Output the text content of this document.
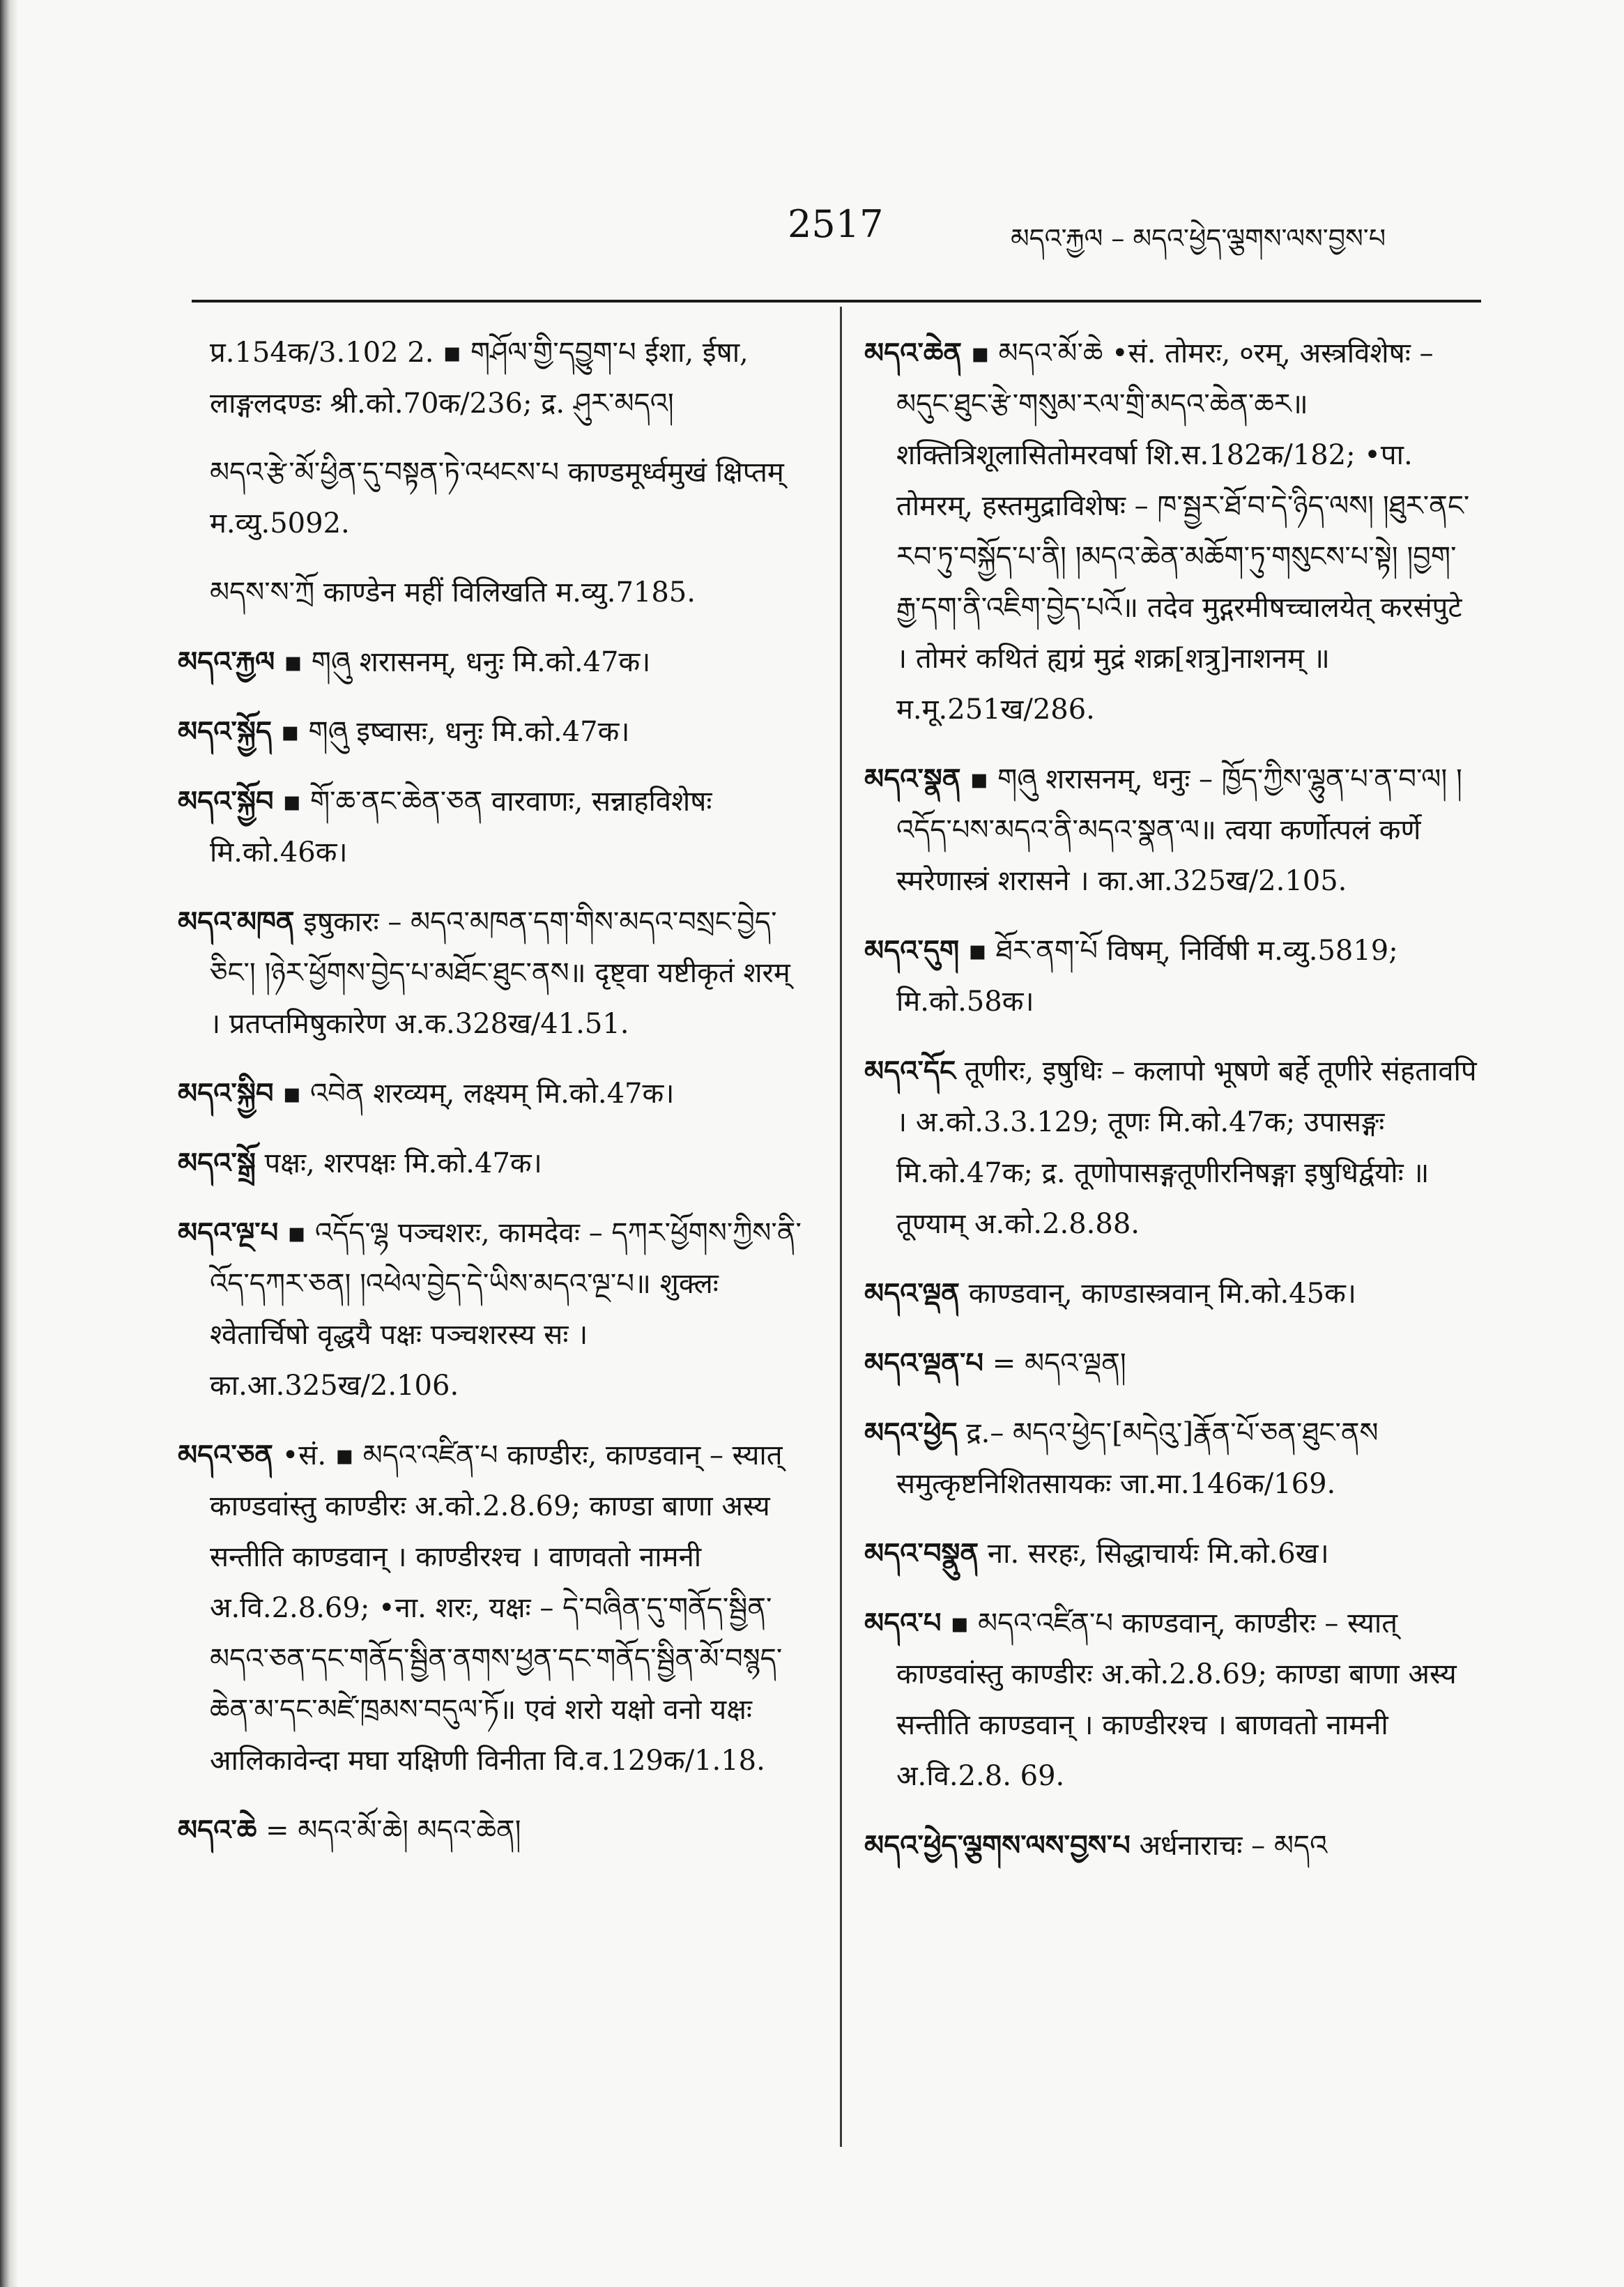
2517	མདའ་རྐྱལ – མདའ་ཕྱེད་ལྕགས་ལས་བྱས་པ

प्र.154क/3.102 2. ▪ གཤོལ་གྱི་དབྱུག་པ ईशा, ईषा, लाङ्गलदण्डः श्री.को.70क/236; द्र. ཤུར་མདའ།

མདའ་རྩེ་མོ་ཕྱིན་དུ་བསྟན་ཏེ་འཕངས་པ काण्डमूर्ध्वमुखं क्षिप्तम् म.व्यु.5092.

མདས་ས་ཀྲོ काण्डेन महीं विलिखति म.व्यु.7185.

མདའ་རྐྱལ ▪ གཞུ शरासनम्, धनुः मि.को.47क।

མདའ་སྐྱོད ▪ གཞུ इष्वासः, धनुः मि.को.47क।

མདའ་སྐྱོབ ▪ གོ་ཆ་ནང་ཆེན་ཅན वारवाणः, सन्नाहविशेषः मि.को.46क।

མདའ་མཁན इषुकारः – མདའ་མཁན་དག་གིས་མདའ་བསྲང་བྱེད་ཅིང་། །ཉེར་ཕྱོགས་བྱེད་པ་མཐོང་ཐུང་ནས॥ दृष्ट्वा यष्टीकृतं शरम् । प्रतप्तमिषुकारेण अ.क.328ख/41.51.

མདའ་སྐྱིབ ▪ འབེན शरव्यम्, लक्ष्यम् मि.को.47क।

མདའ་སྒྲོ पक्षः, शरपक्षः मि.को.47क।

མདའ་ལྔ་པ ▪ འདོད་ལྷ पञ्चशरः, कामदेवः – དཀར་ཕྱོགས་ཀྱིས་ནི་འོད་དཀར་ཅན། །འཕེལ་བྱེད་དེ་ཡིས་མདའ་ལྔ་པ॥ शुक्लः श्वेतार्चिषो वृद्धयै पक्षः पञ्चशरस्य सः । का.आ.325ख/2.106.

མདའ་ཅན •सं. ▪ མདའ་འཛིན་པ काण्डीरः, काण्डवान् – स्यात् काण्डवांस्तु काण्डीरः अ.को.2.8.69; काण्डा बाणा अस्य सन्तीति काण्डवान् । काण्डीरश्च । वाणवतो नामनी अ.वि.2.8.69; •ना. शरः, यक्षः – དེ་བཞིན་དུ་གནོད་སྦྱིན་མདའ་ཅན་དང་གནོད་སྦྱིན་ནགས་ཕྱན་དང་གནོད་སྦྱིན་མོ་བསྙད་ཆེན་མ་དང་མཛེ་ཁྲམས་བདུལ་ཏོ॥ एवं शरो यक्षो वनो यक्षः आलिकावेन्दा मघा यक्षिणी विनीता वि.व.129क/1.18.

མདའ་ཆེ = མདའ་མོ་ཆེ། མདའ་ཆེན།

མདའ་ཆེན ▪ མདའ་མོ་ཆེ •सं. तोमरः, ०रम्, अस्त्रविशेषः – མདུང་ཐུང་རྩེ་གསུམ་རལ་གྲི་མདའ་ཆེན་ཆར॥ शक्तित्रिशूलासितोमरवर्षा शि.स.182क/182; •पा. तोमरम्, हस्तमुद्राविशेषः – ཁ་སྦྱར་ཐོ་བ་དེ་ཉིད་ལས། །ཐུར་ནང་རབ་ཏུ་བསྐྱོད་པ་ནི། །མདའ་ཆེན་མཆོག་ཏུ་གསུངས་པ་སྟེ། །བྱག་རྒྱ་དག་ནི་འཇིག་བྱེད་པའོ॥ तदेव मुद्गरमीषच्चालयेत् करसंपुटे । तोमरं कथितं ह्यग्रं मुद्रं शक्र[शत्रु]नाशनम् ॥ म.मू.251ख/286.

མདའ་སྣན ▪ གཞུ शरासनम्, धनुः – ཁྱོད་ཀྱིས་ལྷུན་པ་ན་བ་ལ། །འདོད་པས་མདའ་ནི་མདའ་སྣན་ལ॥ त्वया कर्णोत्पलं कर्णे स्मरेणास्त्रं शरासने । का.आ.325ख/2.105.

མདའ་དུག ▪ ཐོར་ནག་པོ विषम्, निर्विषी म.व्यु.5819; मि.को.58क।

མདའ་དོང तूणीरः, इषुधिः – कलापो भूषणे बर्हे तूणीरे संहतावपि । अ.को.3.3.129; तूणः मि.को.47क; उपासङ्गः मि.को.47क; द्र. तूणोपासङ्गतूणीरनिषङ्गा इषुधिर्द्वयोः ॥ तूण्याम् अ.को.2.8.88.

མདའ་ལྡན काण्डवान्, काण्डास्त्रवान् मि.को.45क।

མདའ་ལྡན་པ = མདའ་ལྡན།

མདའ་ཕྱེད द्र.– མདའ་ཕྱེད་[མདེའུ་]རྣོན་པོ་ཅན་ཐུང་ནས समुत्कृष्टनिशितसायकः जा.मा.146क/169.

མདའ་བསྣུན ना. सरहः, सिद्धाचार्यः मि.को.6ख।

མདའ་པ ▪ མདའ་འཛིན་པ काण्डवान्, काण्डीरः – स्यात् काण्डवांस्तु काण्डीरः अ.को.2.8.69; काण्डा बाणा अस्य सन्तीति काण्डवान् । काण्डीरश्च । बाणवतो नामनी अ.वि.2.8. 69.

མདའ་ཕྱེད་ལྕགས་ལས་བྱས་པ अर्धनाराचः – མདའ
